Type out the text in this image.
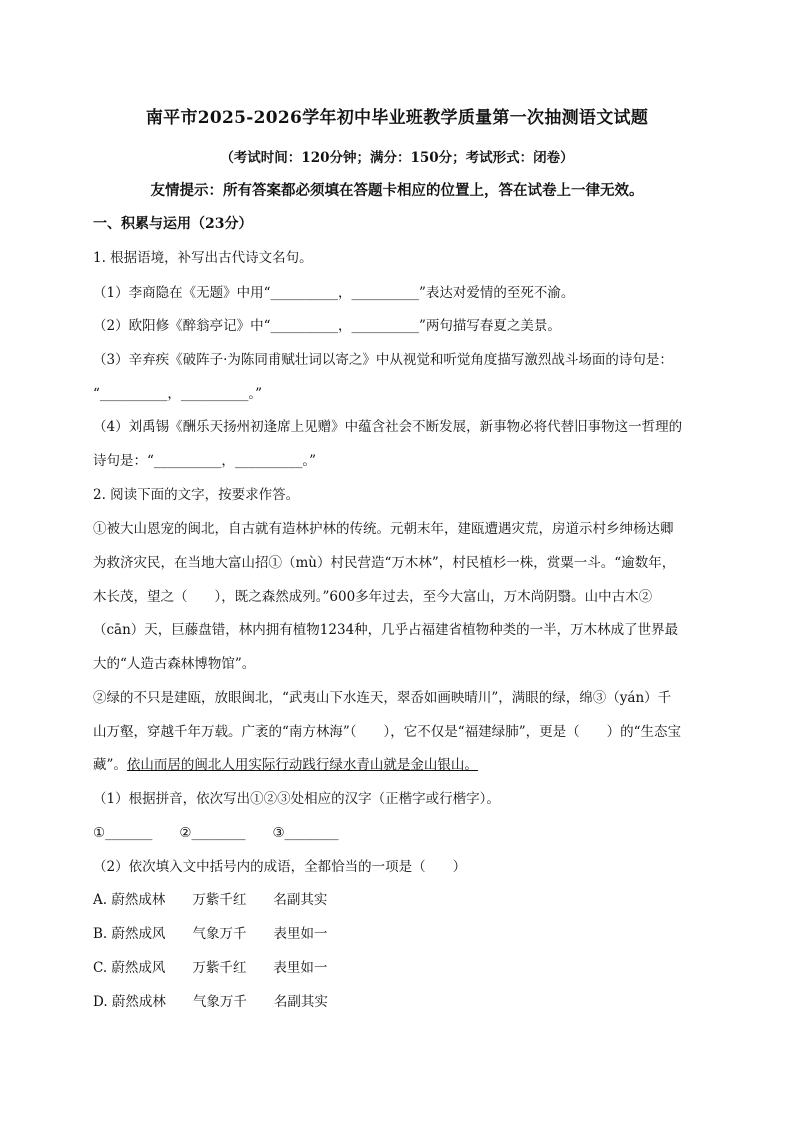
南平市2025-2026学年初中毕业班教学质量第一次抽测语文试题
（考试时间：120分钟；满分：150分；考试形式：闭卷）
友情提示：所有答案都必须填在答题卡相应的位置上，答在试卷上一律无效。
一、积累与运用（23分）
1. 根据语境，补写出古代诗文名句。
（1）李商隐在《无题》中用“__________，__________”表达对爱情的至死不渝。
（2）欧阳修《醉翁亭记》中“__________，__________”两句描写春夏之美景。
（3）辛弃疾《破阵子·为陈同甫赋壮词以寄之》中从视觉和听觉角度描写激烈战斗场面的诗句是：
“__________，__________。”
（4）刘禹锡《酬乐天扬州初逢席上见赠》中蕴含社会不断发展，新事物必将代替旧事物这一哲理的
诗句是：“__________，__________。”
2. 阅读下面的文字，按要求作答。
①被大山恩宠的闽北，自古就有造林护林的传统。元朝末年，建瓯遭遇灾荒，房道示村乡绅杨达卿
为救济灾民，在当地大富山招①（mù）村民营造“万木林”，村民植杉一株，赏粟一斗。“逾数年，
木长茂，望之（　　），既之森然成列。”600多年过去，至今大富山，万木尚阴翳。山中古木②
（cān）天，巨藤盘错，林内拥有植物1234种，几乎占福建省植物种类的一半，万木林成了世界最
大的“人造古森林博物馆”。
②绿的不只是建瓯，放眼闽北，“武夷山下水连天，翠岙如画映晴川”，满眼的绿，绵③（yán）千
山万壑，穿越千年万载。广袤的“南方林海”（　　），它不仅是“福建绿肺”，更是（　　）的“生态宝
藏”。依山而居的闽北人用实际行动践行绿水青山就是金山银山。
（1）根据拼音，依次写出①②③处相应的汉字（正楷字或行楷字）。
①_______　　②________　　③________
（2）依次填入文中括号内的成语，全都恰当的一项是（　　）
A. 蔚然成林　　万紫千红　　名副其实
B. 蔚然成风　　气象万千　　表里如一
C. 蔚然成风　　万紫千红　　表里如一
D. 蔚然成林　　气象万千　　名副其实
